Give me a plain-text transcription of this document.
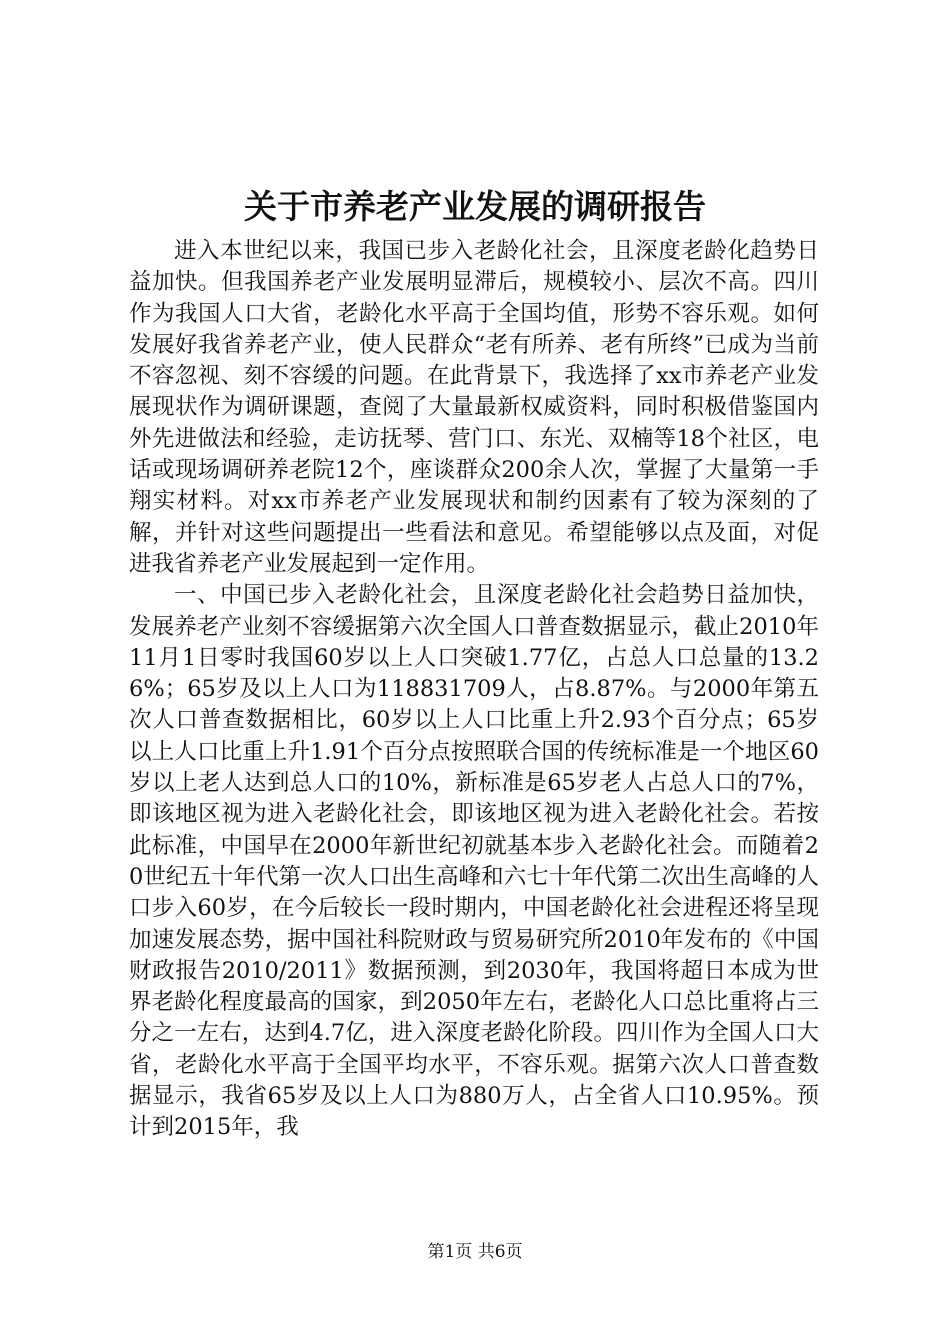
关于市养老产业发展的调研报告

进入本世纪以来，我国已步入老龄化社会，且深度老龄化趋势日益加快。但我国养老产业发展明显滞后，规模较小、层次不高。四川作为我国人口大省，老龄化水平高于全国均值，形势不容乐观。如何发展好我省养老产业，使人民群众“老有所养、老有所终”已成为当前不容忽视、刻不容缓的问题。在此背景下，我选择了xx市养老产业发展现状作为调研课题，查阅了大量最新权威资料，同时积极借鉴国内外先进做法和经验，走访抚琴、营门口、东光、双楠等18个社区，电话或现场调研养老院12个，座谈群众200余人次，掌握了大量第一手翔实材料。对xx市养老产业发展现状和制约因素有了较为深刻的了解，并针对这些问题提出一些看法和意见。希望能够以点及面，对促进我省养老产业发展起到一定作用。

一、中国已步入老龄化社会，且深度老龄化社会趋势日益加快，发展养老产业刻不容缓据第六次全国人口普查数据显示，截止2010年11月1日零时我国60岁以上人口突破1.77亿，占总人口总量的13.26%；65岁及以上人口为118831709人，占8.87%。与2000年第五次人口普查数据相比，60岁以上人口比重上升2.93个百分点；65岁以上人口比重上升1.91个百分点按照联合国的传统标准是一个地区60岁以上老人达到总人口的10%，新标准是65岁老人占总人口的7%，即该地区视为进入老龄化社会，即该地区视为进入老龄化社会。若按此标准，中国早在2000年新世纪初就基本步入老龄化社会。而随着20世纪五十年代第一次人口出生高峰和六七十年代第二次出生高峰的人口步入60岁，在今后较长一段时期内，中国老龄化社会进程还将呈现加速发展态势，据中国社科院财政与贸易研究所2010年发布的《中国财政报告2010/2011》数据预测，到2030年，我国将超日本成为世界老龄化程度最高的国家，到2050年左右，老龄化人口总比重将占三分之一左右，达到4.7亿，进入深度老龄化阶段。四川作为全国人口大省，老龄化水平高于全国平均水平，不容乐观。据第六次人口普查数据显示，我省65岁及以上人口为880万人，占全省人口10.95%。预计到2015年，我

第1页 共6页
